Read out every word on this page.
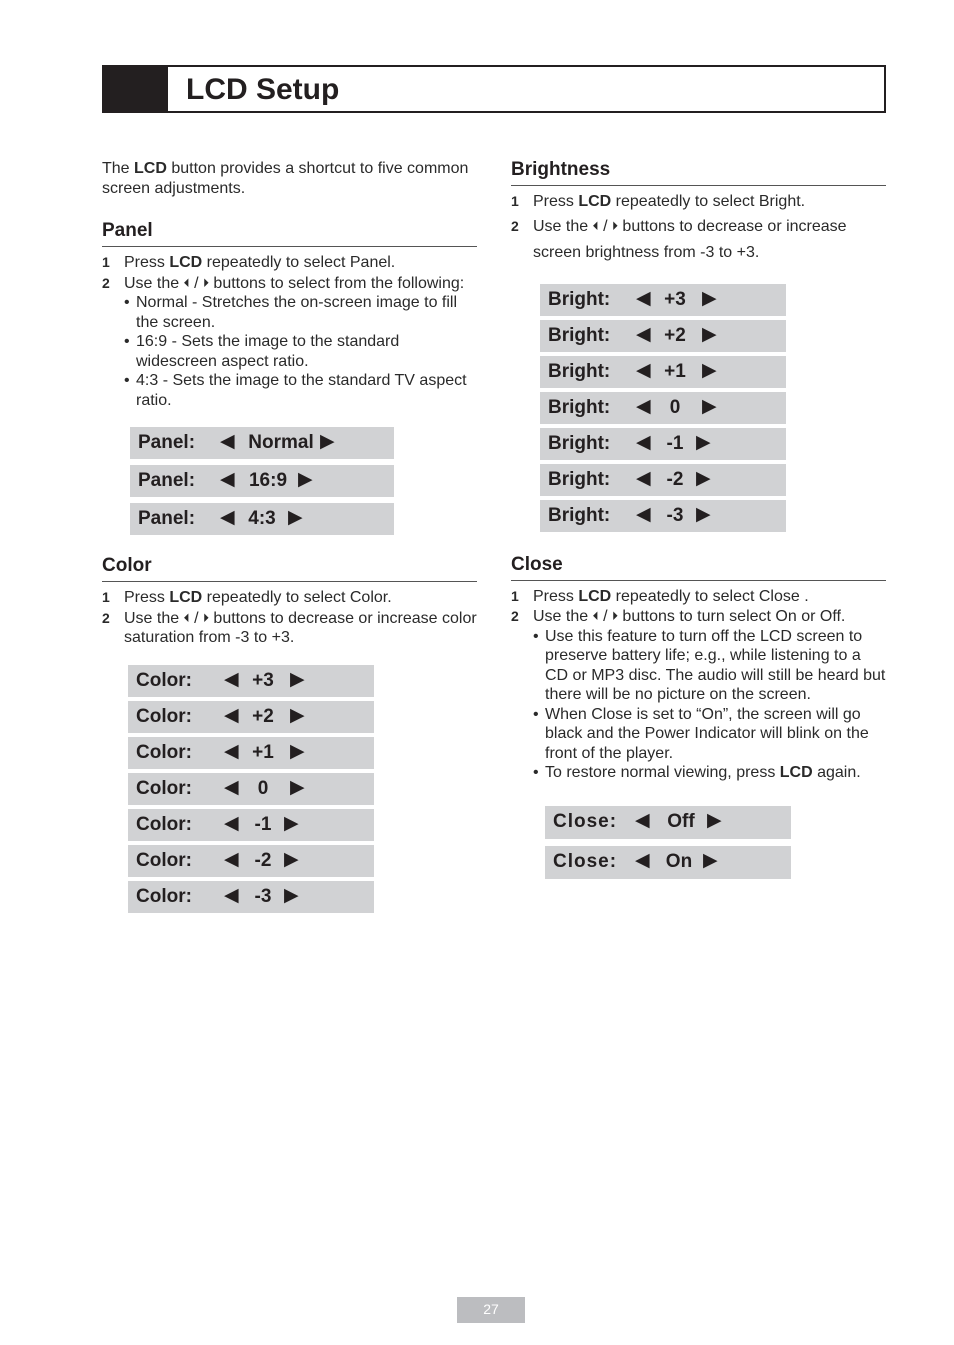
LCD Setup

The LCD button provides a shortcut to five common screen adjustments.

Panel
1 Press LCD repeatedly to select Panel.
2 Use the ⏴ / ⏵ buttons to select from the following:
• Normal - Stretches the on-screen image to fill the screen.
• 16:9 - Sets the image to the standard widescreen aspect ratio.
• 4:3 - Sets the image to the standard TV aspect ratio.
Panel: ◀ Normal ▶
Panel: ◀ 16:9 ▶
Panel: ◀ 4:3 ▶
Color
1 Press LCD repeatedly to select Color.
2 Use the ⏴ / ⏵ buttons to decrease or increase color saturation from -3 to +3.
Color: ◀ +3 ▶
Color: ◀ +2 ▶
Color: ◀ +1 ▶
Color: ◀	0	▶
Color: ◀ -1 ▶
Color: ◀ -2 ▶
Color: ◀ -3 ▶
Brightness
1 Press LCD repeatedly to select Bright.
2 Use the ⏴ / ⏵ buttons to decrease or increase screen brightness from -3 to +3.
Bright: ◀ +3 ▶
Bright: ◀ +2 ▶
Bright: ◀ +1 ▶
Bright: ◀	0	▶
Bright: ◀ -1 ▶
Bright: ◀ -2 ▶
Bright: ◀ -3 ▶
Close
1 Press LCD repeatedly to select Close .
2 Use the ⏴ / ⏵ buttons to turn select On or Off.
• Use this feature to turn off the LCD screen to preserve battery life; e.g., while listening to a CD or MP3 disc. The audio will still be heard but there will be no picture on the screen.
• When Close is set to “On”, the screen will go black and the Power Indicator will blink on the front of the player.
• To restore normal viewing, press LCD again.
Close: ◀ Off ▶
Close: ◀ On ▶
27
